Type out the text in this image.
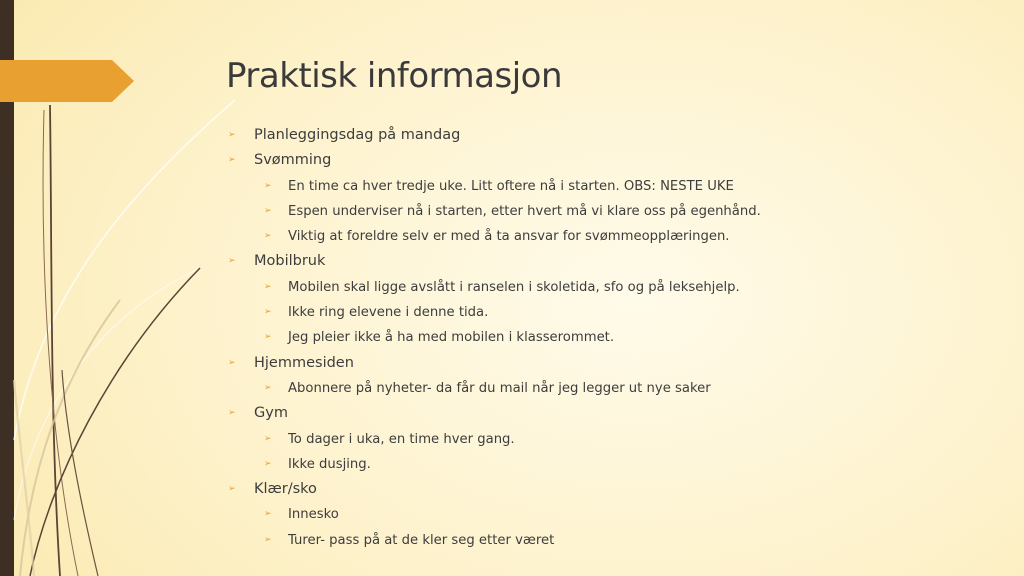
Praktisk informasjon
➢ Planleggingsdag på mandag
➢ Svømming
➢ En time ca hver tredje uke. Litt oftere nå i starten. OBS: NESTE UKE
➢ Espen underviser nå i starten, etter hvert må vi klare oss på egenhånd.
➢ Viktig at foreldre selv er med å ta ansvar for svømmeopplæringen.
➢ Mobilbruk
➢ Mobilen skal ligge avslått i ranselen i skoletida, sfo og på leksehjelp.
➢ Ikke ring elevene i denne tida.
➢ Jeg pleier ikke å ha med mobilen i klasserommet.
➢ Hjemmesiden
➢ Abonnere på nyheter- da får du mail når jeg legger ut nye saker
➢ Gym
➢ To dager i uka, en time hver gang.
➢ Ikke dusjing.
➢ Klær/sko
➢ Innesko
➢ Turer- pass på at de kler seg etter været
